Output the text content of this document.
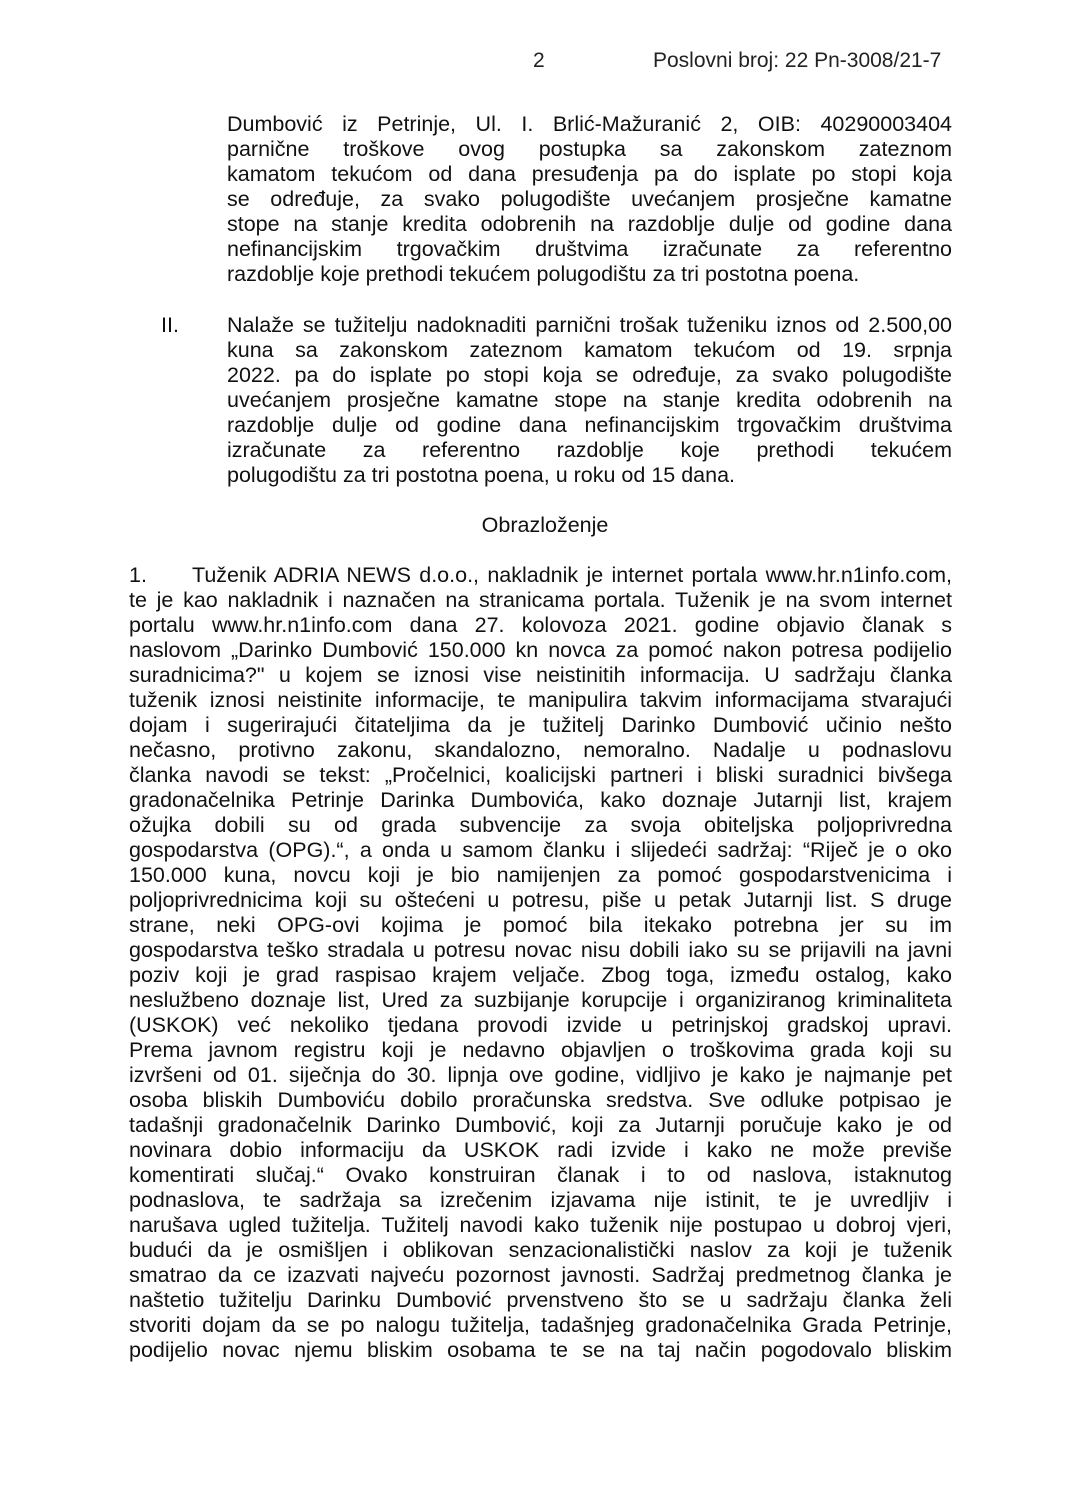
2	Poslovni broj: 22 Pn-3008/21-7
Dumbović iz Petrinje, Ul. I. Brlić-Mažuranić 2, OIB: 40290003404
parnične troškove ovog postupka sa zakonskom zateznom
kamatom tekućom od dana presuđenja pa do isplate po stopi koja
se određuje, za svako polugodište uvećanjem prosječne kamatne
stope na stanje kredita odobrenih na razdoblje dulje od godine dana
nefinancijskim trgovačkim društvima izračunate za referentno
razdoblje koje prethodi tekućem polugodištu za tri postotna poena.
II. Nalaže se tužitelju nadoknaditi parnični trošak tuženiku iznos od 2.500,00
kuna sa zakonskom zateznom kamatom tekućom od 19. srpnja
2022. pa do isplate po stopi koja se određuje, za svako polugodište
uvećanjem prosječne kamatne stope na stanje kredita odobrenih na
razdoblje dulje od godine dana nefinancijskim trgovačkim društvima
izračunate za referentno razdoblje koje prethodi tekućem
polugodištu za tri postotna poena, u roku od 15 dana.
Obrazloženje
1. Tuženik ADRIA NEWS d.o.o., nakladnik je internet portala www.hr.n1info.com,
te je kao nakladnik i naznačen na stranicama portala. Tuženik je na svom internet
portalu www.hr.n1info.com dana 27. kolovoza 2021. godine objavio članak s
naslovom „Darinko Dumbović 150.000 kn novca za pomoć nakon potresa podijelio
suradnicima?" u kojem se iznosi vise neistinitih informacija. U sadržaju članka
tuženik iznosi neistinite informacije, te manipulira takvim informacijama stvarajući
dojam i sugerirajući čitateljima da je tužitelj Darinko Dumbović učinio nešto
nečasno, protivno zakonu, skandalozno, nemoralno. Nadalje u podnaslovu
članka navodi se tekst: „Pročelnici, koalicijski partneri i bliski suradnici bivšega
gradonačelnika Petrinje Darinka Dumbovića, kako doznaje Jutarnji list, krajem
ožujka dobili su od grada subvencije za svoja obiteljska poljoprivredna
gospodarstva (OPG).“, a onda u samom članku i slijedeći sadržaj: “Riječ je o oko
150.000 kuna, novcu koji je bio namijenjen za pomoć gospodarstvenicima i
poljoprivrednicima koji su oštećeni u potresu, piše u petak Jutarnji list. S druge
strane, neki OPG-ovi kojima je pomoć bila itekako potrebna jer su im
gospodarstva teško stradala u potresu novac nisu dobili iako su se prijavili na javni
poziv koji je grad raspisao krajem veljače. Zbog toga, između ostalog, kako
neslužbeno doznaje list, Ured za suzbijanje korupcije i organiziranog kriminaliteta
(USKOK) već nekoliko tjedana provodi izvide u petrinjskoj gradskoj upravi.
Prema javnom registru koji je nedavno objavljen o troškovima grada koji su
izvršeni od 01. siječnja do 30. lipnja ove godine, vidljivo je kako je najmanje pet
osoba bliskih Dumboviću dobilo proračunska sredstva. Sve odluke potpisao je
tadašnji gradonačelnik Darinko Dumbović, koji za Jutarnji poručuje kako je od
novinara dobio informaciju da USKOK radi izvide i kako ne može previše
komentirati slučaj.“ Ovako konstruiran članak i to od naslova, istaknutog
podnaslova, te sadržaja sa izrečenim izjavama nije istinit, te je uvredljiv i
narušava ugled tužitelja. Tužitelj navodi kako tuženik nije postupao u dobroj vjeri,
budući da je osmišljen i oblikovan senzacionalistički naslov za koji je tuženik
smatrao da ce izazvati najveću pozornost javnosti. Sadržaj predmetnog članka je
naštetio tužitelju Darinku Dumbović prvenstveno što se u sadržaju članka želi
stvoriti dojam da se po nalogu tužitelja, tadašnjeg gradonačelnika Grada Petrinje,
podijelio novac njemu bliskim osobama te se na taj način pogodovalo bliskim
